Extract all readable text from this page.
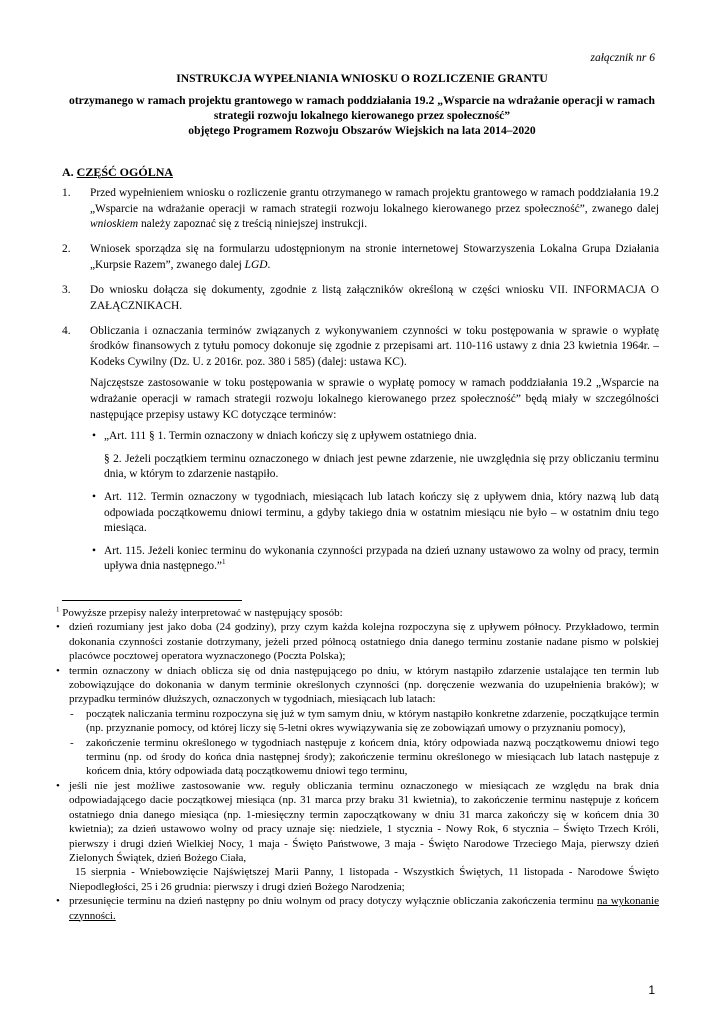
załącznik nr 6
INSTRUKCJA WYPEŁNIANIA WNIOSKU O ROZLICZENIE GRANTU
otrzymanego w ramach projektu grantowego w ramach poddziałania 19.2 „Wsparcie na wdrażanie operacji w ramach strategii rozwoju lokalnego kierowanego przez społeczność”
objętego Programem Rozwoju Obszarów Wiejskich na lata 2014–2020
A. CZĘŚĆ OGÓLNA
1. Przed wypełnieniem wniosku o rozliczenie grantu otrzymanego w ramach projektu grantowego w ramach poddziałania 19.2 „Wsparcie na wdrażanie operacji w ramach strategii rozwoju lokalnego kierowanego przez społeczność”, zwanego dalej wnioskiem należy zapoznać się z treścią niniejszej instrukcji.
2. Wniosek sporządza się na formularzu udostępnionym na stronie internetowej Stowarzyszenia Lokalna Grupa Działania „Kurpsie Razem”, zwanego dalej LGD.
3. Do wniosku dołącza się dokumenty, zgodnie z listą załączników określoną w części wniosku VII. INFORMACJA O ZAŁĄCZNIKACH.
4. Obliczania i oznaczania terminów związanych z wykonywaniem czynności w toku postępowania w sprawie o wypłatę środków finansowych z tytułu pomocy dokonuje się zgodnie z przepisami art. 110-116 ustawy z dnia 23 kwietnia 1964r. – Kodeks Cywilny (Dz. U. z 2016r. poz. 380 i 585) (dalej: ustawa KC).
Najczęstsze zastosowanie w toku postępowania w sprawie o wypłatę pomocy w ramach poddziałania 19.2 „Wsparcie na wdrażanie operacji w ramach strategii rozwoju lokalnego kierowanego przez społeczność” będą miały w szczególności następujące przepisy ustawy KC dotyczące terminów:
• „Art. 111 § 1. Termin oznaczony w dniach kończy się z upływem ostatniego dnia.
§ 2. Jeżeli początkiem terminu oznaczonego w dniach jest pewne zdarzenie, nie uwzględnia się przy obliczaniu terminu dnia, w którym to zdarzenie nastąpiło.
• Art. 112. Termin oznaczony w tygodniach, miesiącach lub latach kończy się z upływem dnia, który nazwą lub datą odpowiada początkowemu dniowi terminu, a gdyby takiego dnia w ostatnim miesiącu nie było – w ostatnim dniu tego miesiąca.
• Art. 115. Jeżeli koniec terminu do wykonania czynności przypada na dzień uznany ustawowo za wolny od pracy, termin upływa dnia następnego.”$^1$
$^1$ Powyższe przepisy należy interpretować w następujący sposób:
• dzień rozumiany jest jako doba (24 godziny), przy czym każda kolejna rozpoczyna się z upływem północy. Przykładowo, termin dokonania czynności zostanie dotrzymany, jeżeli przed północą ostatniego dnia danego terminu zostanie nadane pismo w polskiej placówce pocztowej operatora wyznaczonego (Poczta Polska);
• termin oznaczony w dniach oblicza się od dnia następującego po dniu, w którym nastąpiło zdarzenie ustalające ten termin lub zobowiązujące do dokonania w danym terminie określonych czynności (np. doręczenie wezwania do uzupełnienia braków); w przypadku terminów dłuższych, oznaczonych w tygodniach, miesiącach lub latach:
- początek naliczania terminu rozpoczyna się już w tym samym dniu, w którym nastąpiło konkretne zdarzenie, początkujące termin (np. przyznanie pomocy, od której liczy się 5-letni okres wywiązywania się ze zobowiązań umowy o przyznaniu pomocy),
- zakończenie terminu określonego w tygodniach następuje z końcem dnia, który odpowiada nazwą początkowemu dniowi tego terminu (np. od środy do końca dnia następnej środy); zakończenie terminu określonego w miesiącach lub latach następuje z końcem dnia, który odpowiada datą początkowemu dniowi tego terminu,
• jeśli nie jest możliwe zastosowanie ww. reguły obliczania terminu oznaczonego w miesiącach ze względu na brak dnia odpowiadającego dacie początkowej miesiąca (np. 31 marca przy braku 31 kwietnia), to zakończenie terminu następuje z końcem ostatniego dnia danego miesiąca (np. 1-miesięczny termin zapoczątkowany w dniu 31 marca zakończy się w końcem dnia 30 kwietnia); za dzień ustawowo wolny od pracy uznaje się: niedziele, 1 stycznia - Nowy Rok, 6 stycznia – Święto Trzech Króli, pierwszy i drugi dzień Wielkiej Nocy, 1 maja - Święto Państwowe, 3 maja - Święto Narodowe Trzeciego Maja, pierwszy dzień Zielonych Świątek, dzień Bożego Ciała,
15 sierpnia - Wniebowzięcie Najświętszej Marii Panny, 1 listopada - Wszystkich Świętych, 11 listopada - Narodowe Święto Niepodległości, 25 i 26 grudnia: pierwszy i drugi dzień Bożego Narodzenia;
• przesunięcie terminu na dzień następny po dniu wolnym od pracy dotyczy wyłącznie obliczania zakończenia terminu na wykonanie czynności.
1
